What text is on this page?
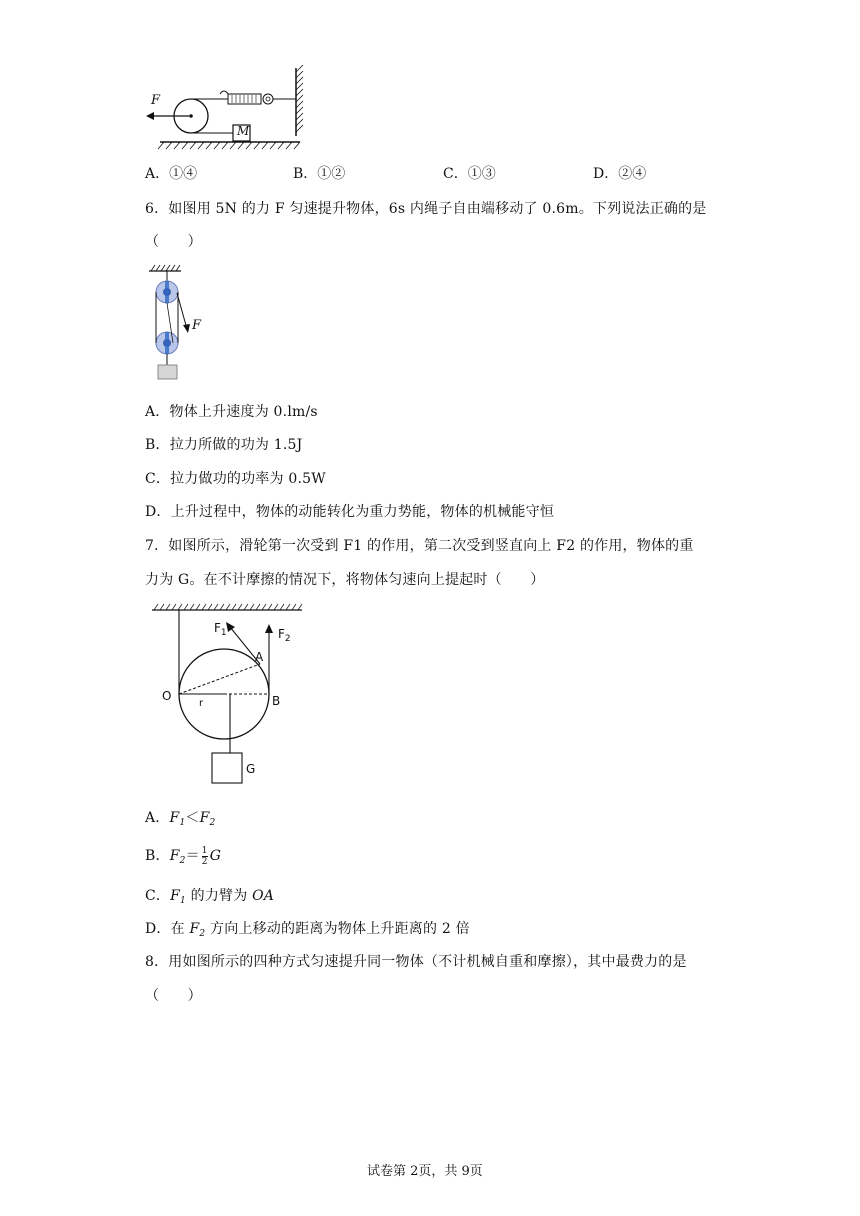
F
M
A．①④	B．①②	C．①③	D．②④
6．如图用 5N 的力 F 匀速提升物体，6s 内绳子自由端移动了 0.6m。下列说法正确的是
（　　）
F
A．物体上升速度为 0.lm/s
B．拉力所做的功为 1.5J
C．拉力做功的功率为 0.5W
D．上升过程中，物体的动能转化为重力势能，物体的机械能守恒
7．如图所示，滑轮第一次受到 F1 的作用，第二次受到竖直向上 F2 的作用，物体的重
力为 G。在不计摩擦的情况下，将物体匀速向上提起时（　　）
$F_1$	$F_2$
A
O	B
r
G
A．$F_1<F_2$
B．$F_2= \frac{1}{2}$ G
C．$F_1$ 的力臂为 OA
D．在 $F_2$ 方向上移动的距离为物体上升距离的 2 倍
8．用如图所示的四种方式匀速提升同一物体（不计机械自重和摩擦），其中最费力的是
（　　）
试卷第 2页，共 9页
